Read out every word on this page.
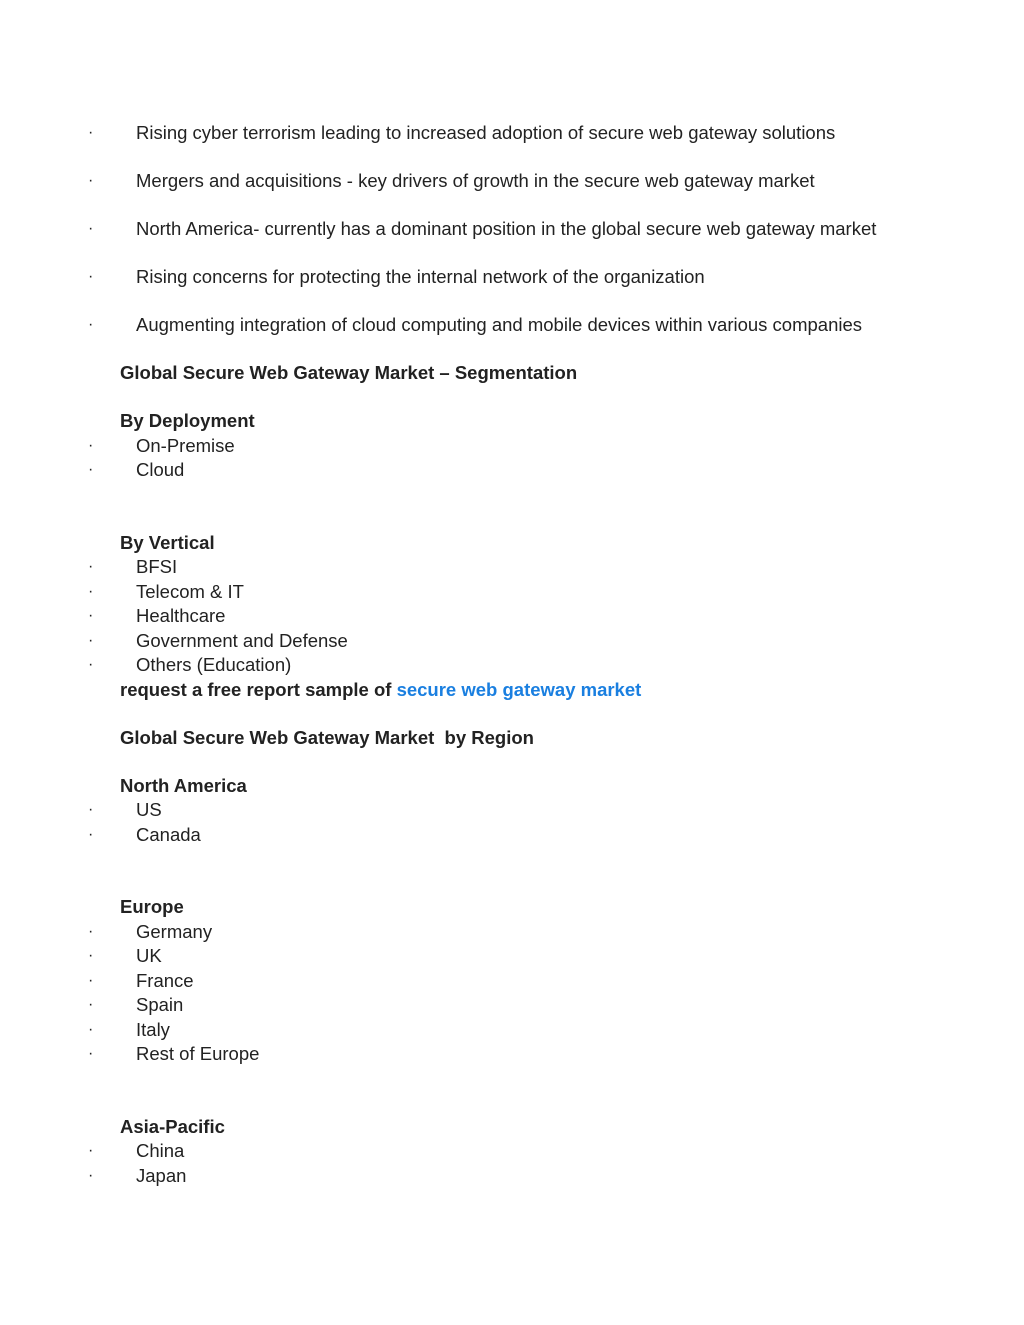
· Rising cyber terrorism leading to increased adoption of secure web gateway solutions
· Mergers and acquisitions - key drivers of growth in the secure web gateway market
· North America- currently has a dominant position in the global secure web gateway market
· Rising concerns for protecting the internal network of the organization
· Augmenting integration of cloud computing and mobile devices within various companies
Global Secure Web Gateway Market – Segmentation
By Deployment
· On-Premise
· Cloud
By Vertical
· BFSI
· Telecom & IT
· Healthcare
· Government and Defense
· Others (Education)
request a free report sample of secure web gateway market
Global Secure Web Gateway Market  by Region
North America
· US
· Canada
Europe
· Germany
· UK
· France
· Spain
· Italy
· Rest of Europe
Asia-Pacific
· China
· Japan
